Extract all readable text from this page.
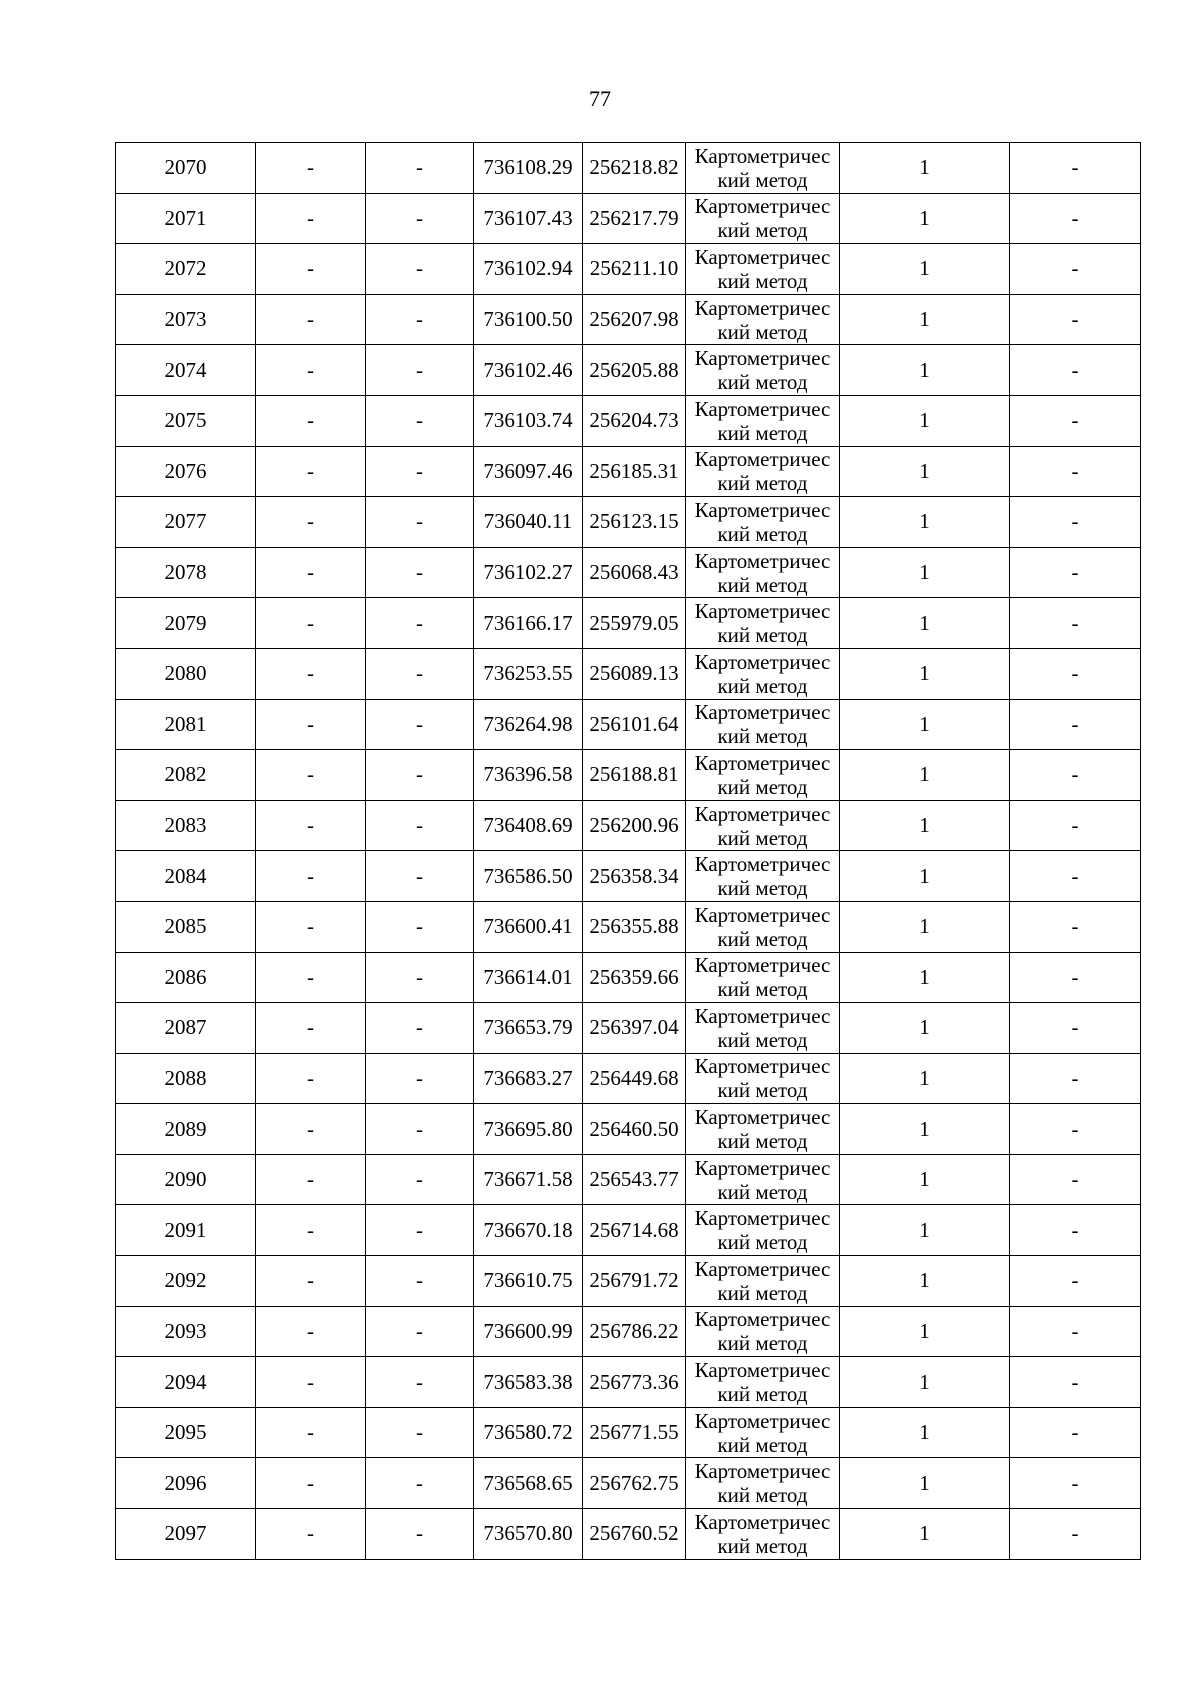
77
2070	-	-	736108.29	256218.82	Картометричес
кий метод	1	-
2071	-	-	736107.43	256217.79	Картометричес
кий метод	1	-
2072	-	-	736102.94	256211.10	Картометричес
кий метод	1	-
2073	-	-	736100.50	256207.98	Картометричес
кий метод	1	-
2074	-	-	736102.46	256205.88	Картометричес
кий метод	1	-
2075	-	-	736103.74	256204.73	Картометричес
кий метод	1	-
2076	-	-	736097.46	256185.31	Картометричес
кий метод	1	-
2077	-	-	736040.11	256123.15	Картометричес
кий метод	1	-
2078	-	-	736102.27	256068.43	Картометричес
кий метод	1	-
2079	-	-	736166.17	255979.05	Картометричес
кий метод	1	-
2080	-	-	736253.55	256089.13	Картометричес
кий метод	1	-
2081	-	-	736264.98	256101.64	Картометричес
кий метод	1	-
2082	-	-	736396.58	256188.81	Картометричес
кий метод	1	-
2083	-	-	736408.69	256200.96	Картометричес
кий метод	1	-
2084	-	-	736586.50	256358.34	Картометричес
кий метод	1	-
2085	-	-	736600.41	256355.88	Картометричес
кий метод	1	-
2086	-	-	736614.01	256359.66	Картометричес
кий метод	1	-
2087	-	-	736653.79	256397.04	Картометричес
кий метод	1	-
2088	-	-	736683.27	256449.68	Картометричес
кий метод	1	-
2089	-	-	736695.80	256460.50	Картометричес
кий метод	1	-
2090	-	-	736671.58	256543.77	Картометричес
кий метод	1	-
2091	-	-	736670.18	256714.68	Картометричес
кий метод	1	-
2092	-	-	736610.75	256791.72	Картометричес
кий метод	1	-
2093	-	-	736600.99	256786.22	Картометричес
кий метод	1	-
2094	-	-	736583.38	256773.36	Картометричес
кий метод	1	-
2095	-	-	736580.72	256771.55	Картометричес
кий метод	1	-
2096	-	-	736568.65	256762.75	Картометричес
кий метод	1	-
2097	-	-	736570.80	256760.52	Картометричес
кий метод	1	-
